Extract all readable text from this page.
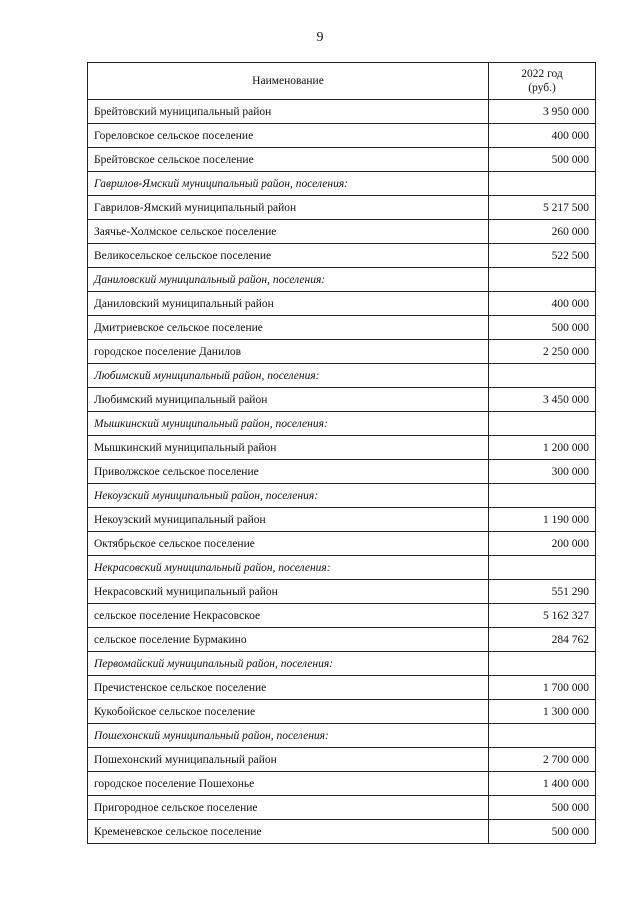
9
Наименование	2022 год
(руб.)
Брейтовский муниципальный район	3 950 000
Гореловское сельское поселение	400 000
Брейтовское сельское поселение	500 000
Гаврилов-Ямский муниципальный район, поселения:	
Гаврилов-Ямский муниципальный район	5 217 500
Заячье-Холмское сельское поселение	260 000
Великосельское сельское поселение	522 500
Даниловский муниципальный район, поселения:	
Даниловский муниципальный район	400 000
Дмитриевское сельское поселение	500 000
городское поселение Данилов	2 250 000
Любимский муниципальный район, поселения:	
Любимский муниципальный район	3 450 000
Мышкинский муниципальный район, поселения:	
Мышкинский муниципальный район	1 200 000
Приволжское сельское поселение	300 000
Некоузский муниципальный район, поселения:	
Некоузский муниципальный район	1 190 000
Октябрьское сельское поселение	200 000
Некрасовский муниципальный район, поселения:	
Некрасовский муниципальный район	551 290
сельское поселение Некрасовское	5 162 327
сельское поселение Бурмакино	284 762
Первомайский муниципальный район, поселения:	
Пречистенское сельское поселение	1 700 000
Кукобойское сельское поселение	1 300 000
Пошехонский муниципальный район, поселения:	
Пошехонский муниципальный район	2 700 000
городское поселение Пошехонье	1 400 000
Пригородное сельское поселение	500 000
Кременевское сельское поселение	500 000
